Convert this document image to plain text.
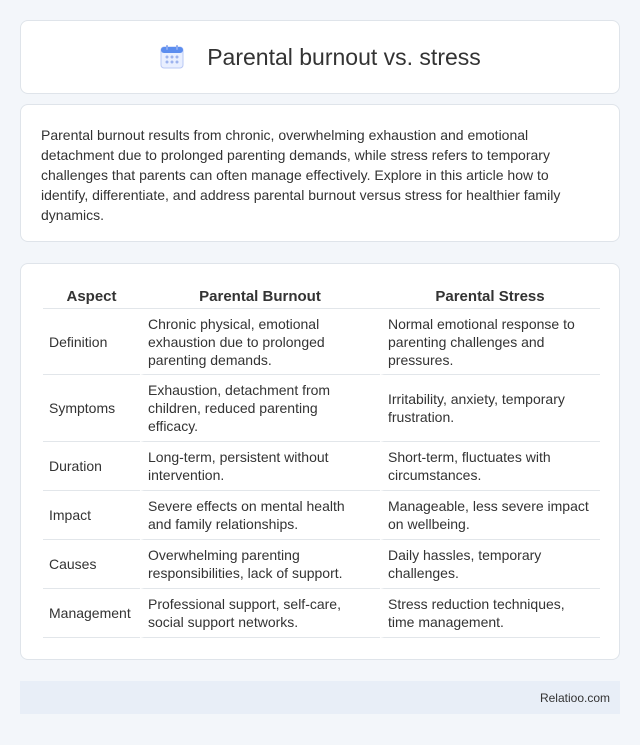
Parental burnout vs. stress

Parental burnout results from chronic, overwhelming exhaustion and emotional detachment due to prolonged parenting demands, while stress refers to temporary challenges that parents can often manage effectively. Explore in this article how to identify, differentiate, and address parental burnout versus stress for healthier family dynamics.

Aspect	Parental Burnout	Parental Stress
Definition	Chronic physical, emotional exhaustion due to prolonged parenting demands.	Normal emotional response to parenting challenges and pressures.
Symptoms	Exhaustion, detachment from children, reduced parenting efficacy.	Irritability, anxiety, temporary frustration.
Duration	Long-term, persistent without intervention.	Short-term, fluctuates with circumstances.
Impact	Severe effects on mental health and family relationships.	Manageable, less severe impact on wellbeing.
Causes	Overwhelming parenting responsibilities, lack of support.	Daily hassles, temporary challenges.
Management	Professional support, self-care, social support networks.	Stress reduction techniques, time management.
Relatioo.com
